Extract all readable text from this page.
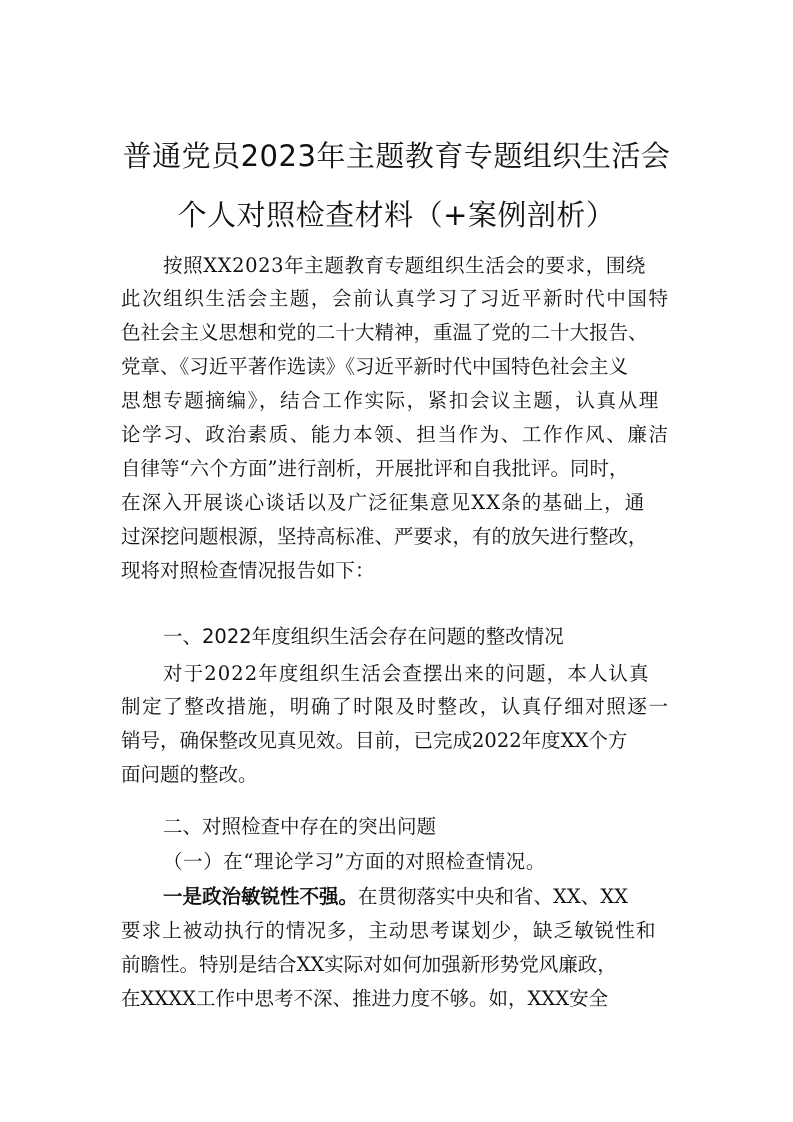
普通党员2023年主题教育专题组织生活会
个人对照检查材料（+案例剖析）
按照XX2023年主题教育专题组织生活会的要求，围绕
此次组织生活会主题，会前认真学习了习近平新时代中国特
色社会主义思想和党的二十大精神，重温了党的二十大报告、
党章、《习近平著作选读》《习近平新时代中国特色社会主义
思想专题摘编》，结合工作实际，紧扣会议主题，认真从理
论学习、政治素质、能力本领、担当作为、工作作风、廉洁
自律等“六个方面”进行剖析，开展批评和自我批评。同时，
在深入开展谈心谈话以及广泛征集意见XX条的基础上，通
过深挖问题根源，坚持高标准、严要求，有的放矢进行整改，
现将对照检查情况报告如下：
一、2022年度组织生活会存在问题的整改情况
对于2022年度组织生活会查摆出来的问题，本人认真
制定了整改措施，明确了时限及时整改，认真仔细对照逐一
销号，确保整改见真见效。目前，已完成2022年度XX个方
面问题的整改。
二、对照检查中存在的突出问题
（一）在“理论学习”方面的对照检查情况。
一是政治敏锐性不强。在贯彻落实中央和省、XX、XX
要求上被动执行的情况多，主动思考谋划少，缺乏敏锐性和
前瞻性。特别是结合XX实际对如何加强新形势党风廉政，
在XXXX工作中思考不深、推进力度不够。如，XXX安全
